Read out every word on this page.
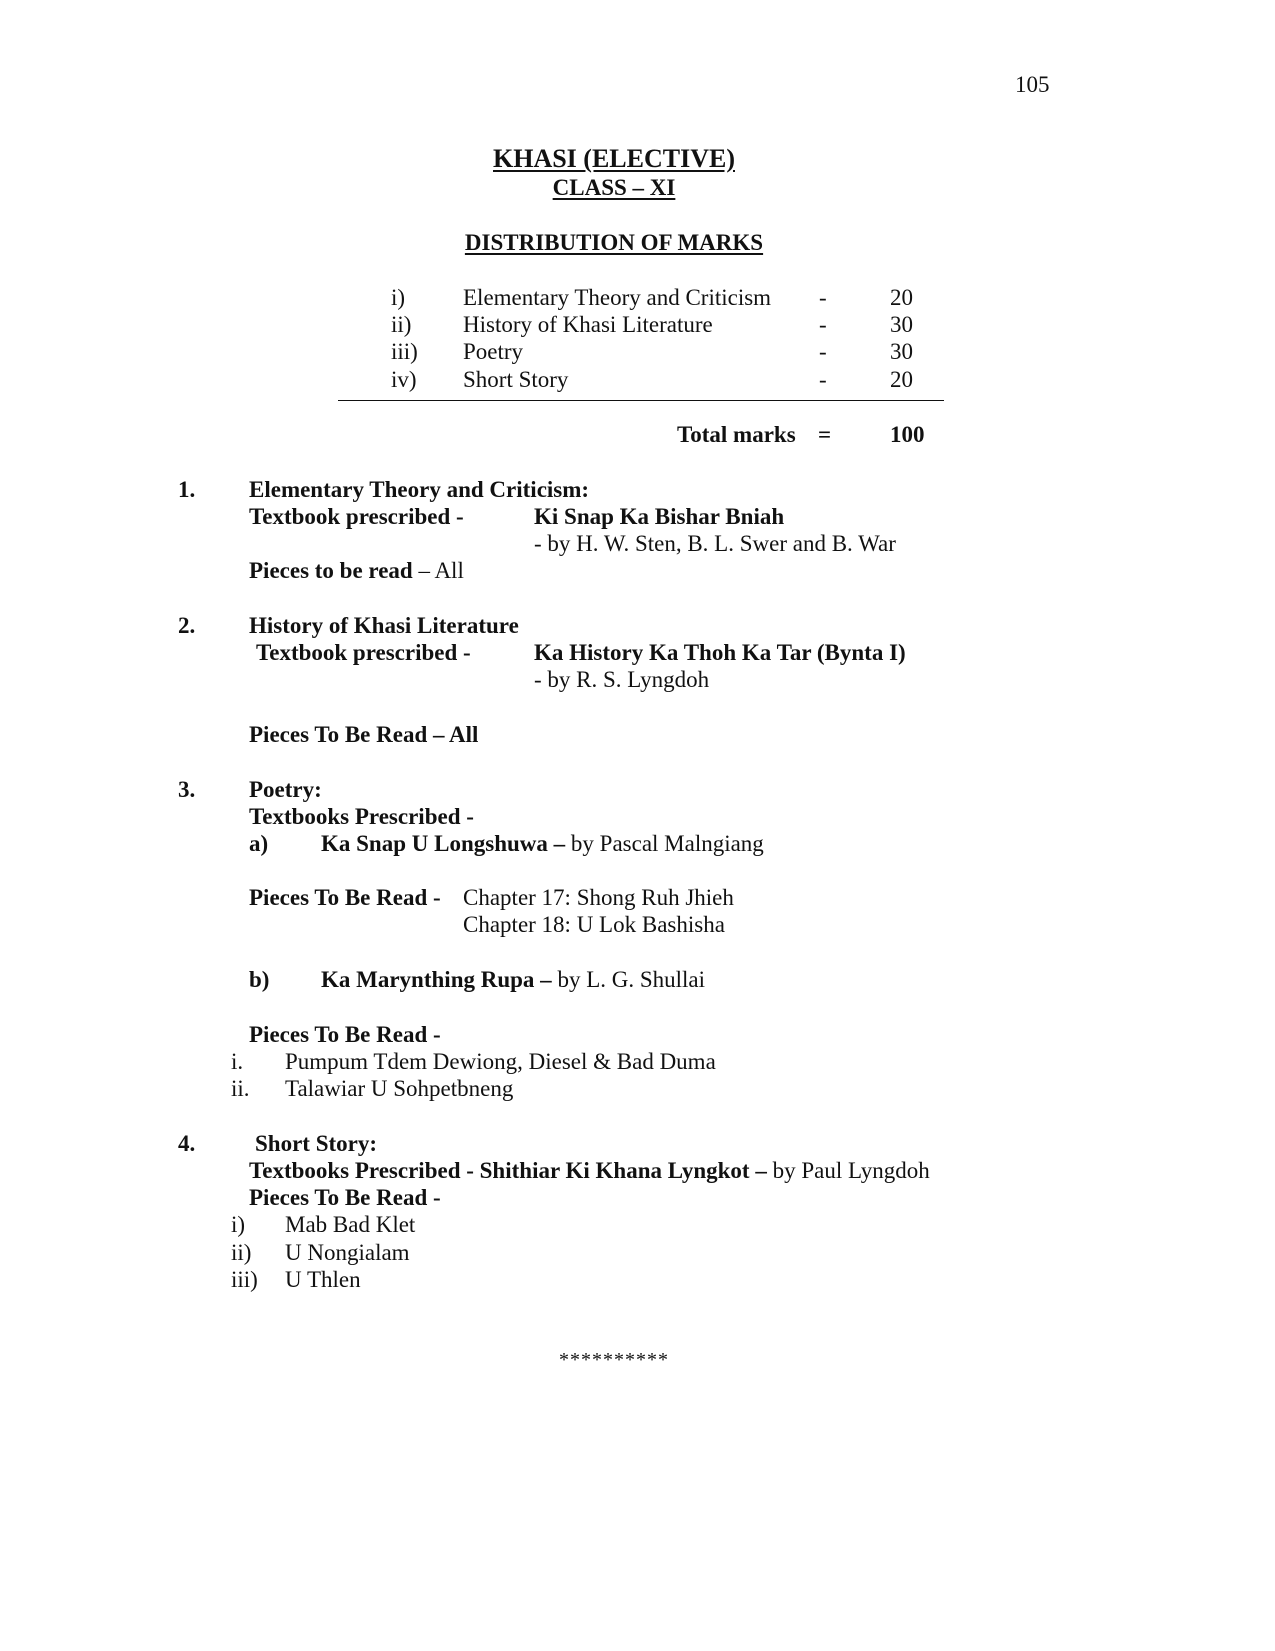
105
KHASI (ELECTIVE)
CLASS – XI
DISTRIBUTION OF MARKS
i)	Elementary Theory and Criticism -	20
ii) History of Khasi Literature	-	30
iii) Poetry	-	30
iv) Short Story	-	20
Total marks =	100
1. Elementary Theory and Criticism:
Textbook prescribed -	Ki Snap Ka Bishar Bniah
- by H. W. Sten, B. L. Swer and B. War
Pieces to be read – All
2. History of Khasi Literature
Textbook prescribed -	Ka History Ka Thoh Ka Tar (Bynta I)
- by R. S. Lyngdoh
Pieces To Be Read – All
3. Poetry:
Textbooks Prescribed -
a) Ka Snap U Longshuwa – by Pascal Malngiang
Pieces To Be Read - Chapter 17: Shong Ruh Jhieh
Chapter 18: U Lok Bashisha
b) Ka Marynthing Rupa – by L. G. Shullai
Pieces To Be Read -
i. Pumpum Tdem Dewiong, Diesel & Bad Duma
ii. Talawiar U Sohpetbneng
4.	Short Story:
Textbooks Prescribed - Shithiar Ki Khana Lyngkot – by Paul Lyngdoh
Pieces To Be Read -
i) Mab Bad Klet
ii) U Nongialam
iii) U Thlen
**********
